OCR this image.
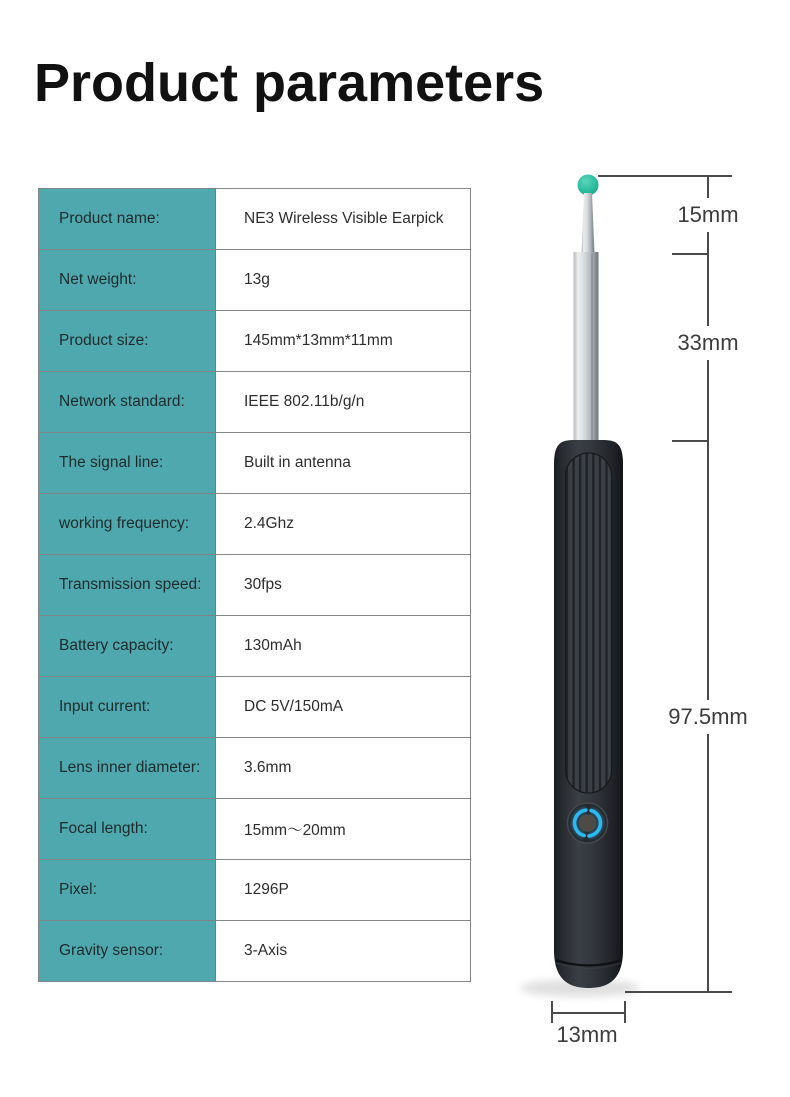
Product parameters
Product name:	NE3 Wireless Visible Earpick
Net weight:	13g
Product size:	145mm*13mm*11mm
Network standard:	IEEE 802.11b/g/n
The signal line:	Built in antenna
working frequency:	2.4Ghz
Transmission speed:	30fps
Battery capacity:	130mAh
Input current:	DC 5V/150mA
Lens inner diameter:	3.6mm
Focal length:	15mm～20mm
Pixel:	1296P
Gravity sensor:	3-Axis
15mm
33mm
97.5mm
13mm
